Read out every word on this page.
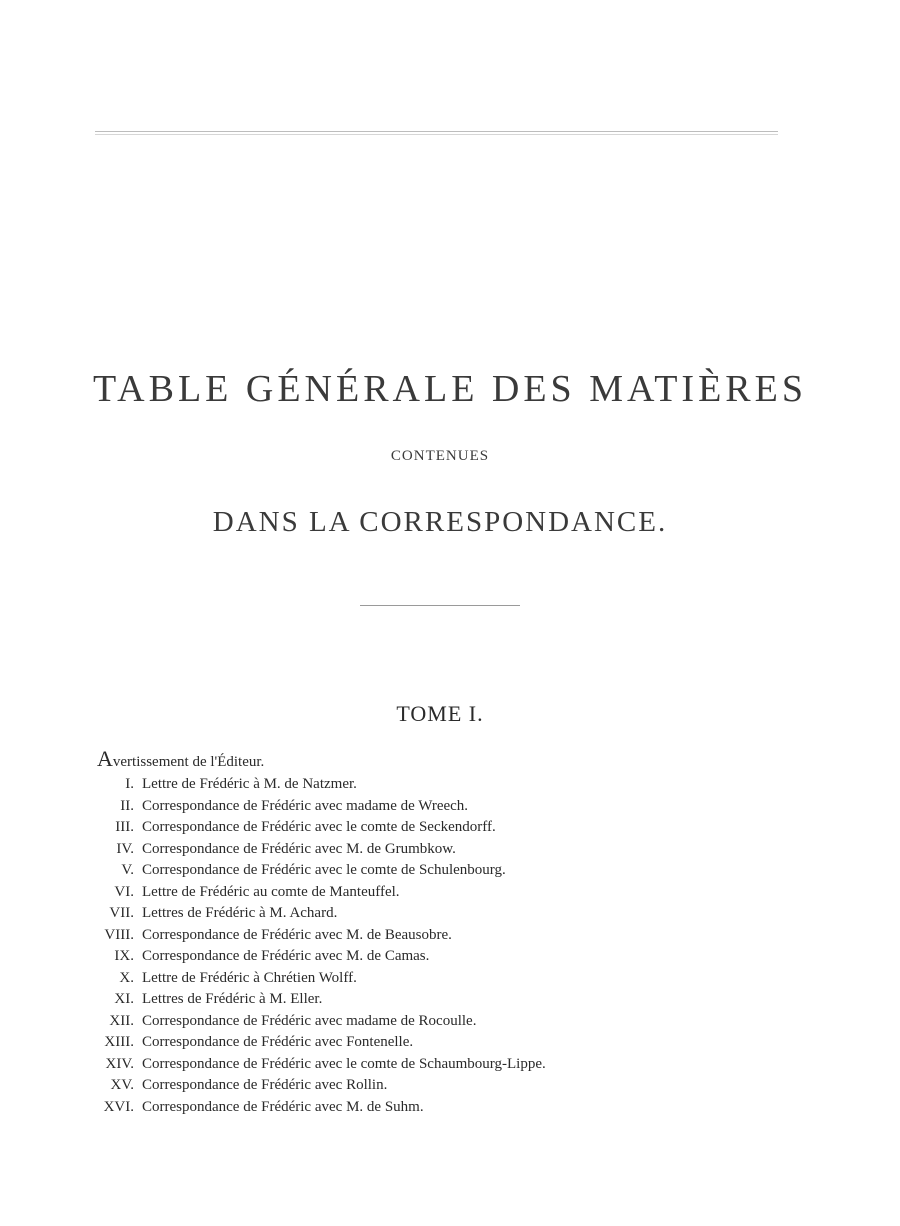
TABLE GÉNÉRALE DES MATIÈRES
CONTENUES
DANS LA CORRESPONDANCE.
TOME I.
Avertissement de l'Éditeur.
I. Lettre de Frédéric à M. de Natzmer.
II. Correspondance de Frédéric avec madame de Wreech.
III. Correspondance de Frédéric avec le comte de Seckendorff.
IV. Correspondance de Frédéric avec M. de Grumbkow.
V. Correspondance de Frédéric avec le comte de Schulenbourg.
VI. Lettre de Frédéric au comte de Manteuffel.
VII. Lettres de Frédéric à M. Achard.
VIII. Correspondance de Frédéric avec M. de Beausobre.
IX. Correspondance de Frédéric avec M. de Camas.
X. Lettre de Frédéric à Chrétien Wolff.
XI. Lettres de Frédéric à M. Eller.
XII. Correspondance de Frédéric avec madame de Rocoulle.
XIII. Correspondance de Frédéric avec Fontenelle.
XIV. Correspondance de Frédéric avec le comte de Schaumbourg-Lippe.
XV. Correspondance de Frédéric avec Rollin.
XVI. Correspondance de Frédéric avec M. de Suhm.
